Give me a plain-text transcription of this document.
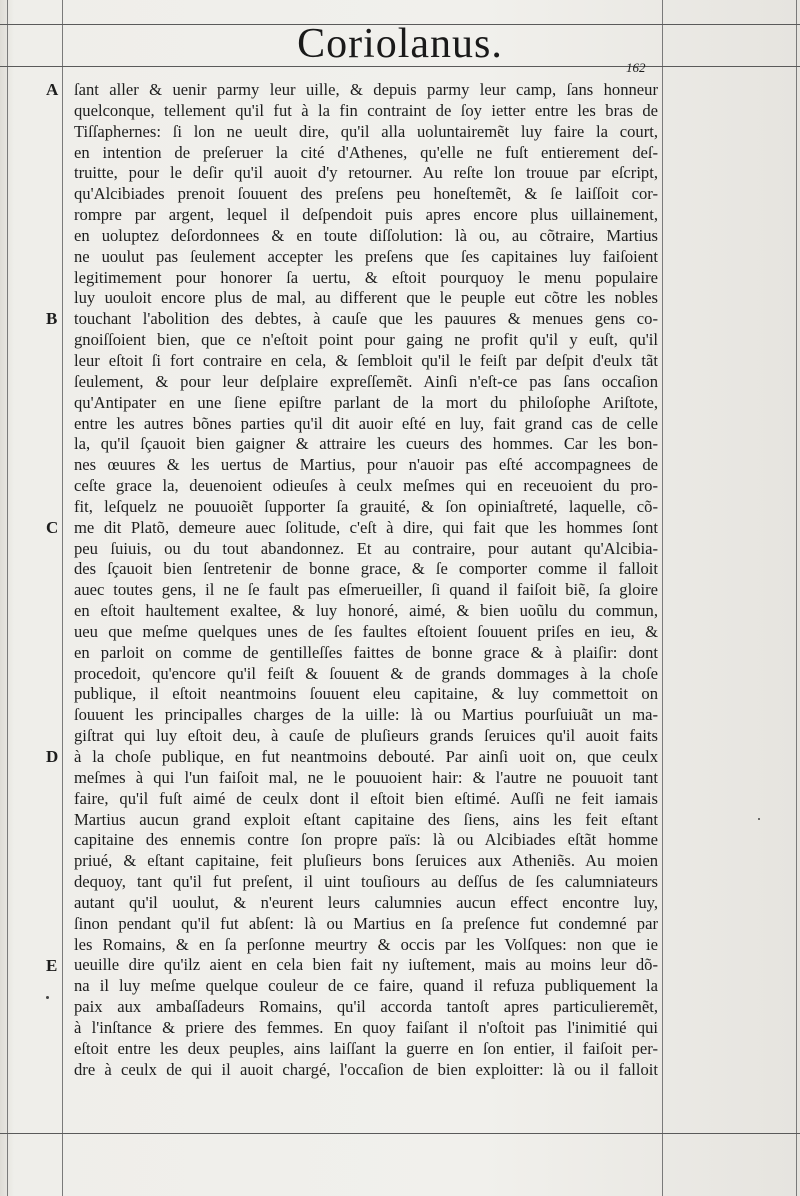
Coriolanus.
162
A
B
C
D
E
ſant aller & uenir parmy leur uille, & depuis parmy leur camp, ſans honneur
quelconque, tellement qu'il fut à la fin contraint de ſoy ietter entre les bras de
Tiſſaphernes: ſi lon ne ueult dire, qu'il alla uoluntairemẽt luy faire la court,
en intention de preſeruer la cité d'Athenes, qu'elle ne fuſt entierement deſ-
truitte, pour le deſir qu'il auoit d'y retourner. Au reſte lon trouue par eſcript,
qu'Alcibiades prenoit ſouuent des preſens peu honeſtemẽt, & ſe laiſſoit cor-
rompre par argent, lequel il deſpendoit puis apres encore plus uillainement,
en uoluptez deſordonnees & en toute diſſolution: là ou, au cõtraire, Martius
ne uoulut pas ſeulement accepter les preſens que ſes capitaines luy faiſoient
legitimement pour honorer ſa uertu, & eſtoit pourquoy le menu populaire
luy uouloit encore plus de mal, au different que le peuple eut cõtre les nobles
touchant l'abolition des debtes, à cauſe que les pauures & menues gens co-
gnoiſſoient bien, que ce n'eſtoit point pour gaing ne profit qu'il y euſt, qu'il
leur eſtoit ſi fort contraire en cela, & ſembloit qu'il le feiſt par deſpit d'eulx tãt
ſeulement, & pour leur deſplaire expreſſemẽt. Ainſi n'eſt-ce pas ſans occaſion
qu'Antipater en une ſiene epiſtre parlant de la mort du philoſophe Ariſtote,
entre les autres bõnes parties qu'il dit auoir eſté en luy, fait grand cas de celle
la, qu'il ſçauoit bien gaigner & attraire les cueurs des hommes. Car les bon-
nes œuures & les uertus de Martius, pour n'auoir pas eſté accompagnees de
ceſte grace la, deuenoient odieuſes à ceulx meſmes qui en receuoient du pro-
fit, leſquelz ne pouuoiẽt ſupporter ſa grauité, & ſon opiniaſtreté, laquelle, cõ-
me dit Platõ, demeure auec ſolitude, c'eſt à dire, qui fait que les hommes ſont
peu ſuiuis, ou du tout abandonnez. Et au contraire, pour autant qu'Alcibia-
des ſçauoit bien ſentretenir de bonne grace, & ſe comporter comme il falloit
auec toutes gens, il ne ſe fault pas eſmerueiller, ſi quand il faiſoit biẽ, ſa gloire
en eſtoit haultement exaltee, & luy honoré, aimé, & bien uoũlu du commun,
ueu que meſme quelques unes de ſes faultes eſtoient ſouuent priſes en ieu, &
en parloit on comme de gentilleſſes faittes de bonne grace & à plaiſir: dont
procedoit, qu'encore qu'il feiſt & ſouuent & de grands dommages à la choſe
publique, il eſtoit neantmoins ſouuent eleu capitaine, & luy commettoit on
ſouuent les principalles charges de la uille: là ou Martius pourſuiuãt un ma-
giſtrat qui luy eſtoit deu, à cauſe de pluſieurs grands ſeruices qu'il auoit faits
à la choſe publique, en fut neantmoins debouté. Par ainſi uoit on, que ceulx
meſmes à qui l'un faiſoit mal, ne le pouuoient hair: & l'autre ne pouuoit tant
faire, qu'il fuſt aimé de ceulx dont il eſtoit bien eſtimé. Auſſi ne feit iamais
Martius aucun grand exploit eſtant capitaine des ſiens, ains les feit eſtant
capitaine des ennemis contre ſon propre païs: là ou Alcibiades eſtãt homme
priué, & eſtant capitaine, feit pluſieurs bons ſeruices aux Atheniẽs. Au moien
dequoy, tant qu'il fut preſent, il uint touſiours au deſſus de ſes calumniateurs
autant qu'il uoulut, & n'eurent leurs calumnies aucun effect encontre luy,
ſinon pendant qu'il fut abſent: là ou Martius en ſa preſence fut condemné par
les Romains, & en ſa perſonne meurtry & occis par les Volſques: non que ie
ueuille dire qu'ilz aient en cela bien fait ny iuſtement, mais au moins leur dõ-
na il luy meſme quelque couleur de ce faire, quand il refuza publiquement la
paix aux ambaſſadeurs Romains, qu'il accorda tantoſt apres particulieremẽt,
à l'inſtance & priere des femmes. En quoy faiſant il n'oſtoit pas l'inimitié qui
eſtoit entre les deux peuples, ains laiſſant la guerre en ſon entier, il faiſoit per-
dre à ceulx de qui il auoit chargé, l'occaſion de bien exploitter: là ou il falloit
